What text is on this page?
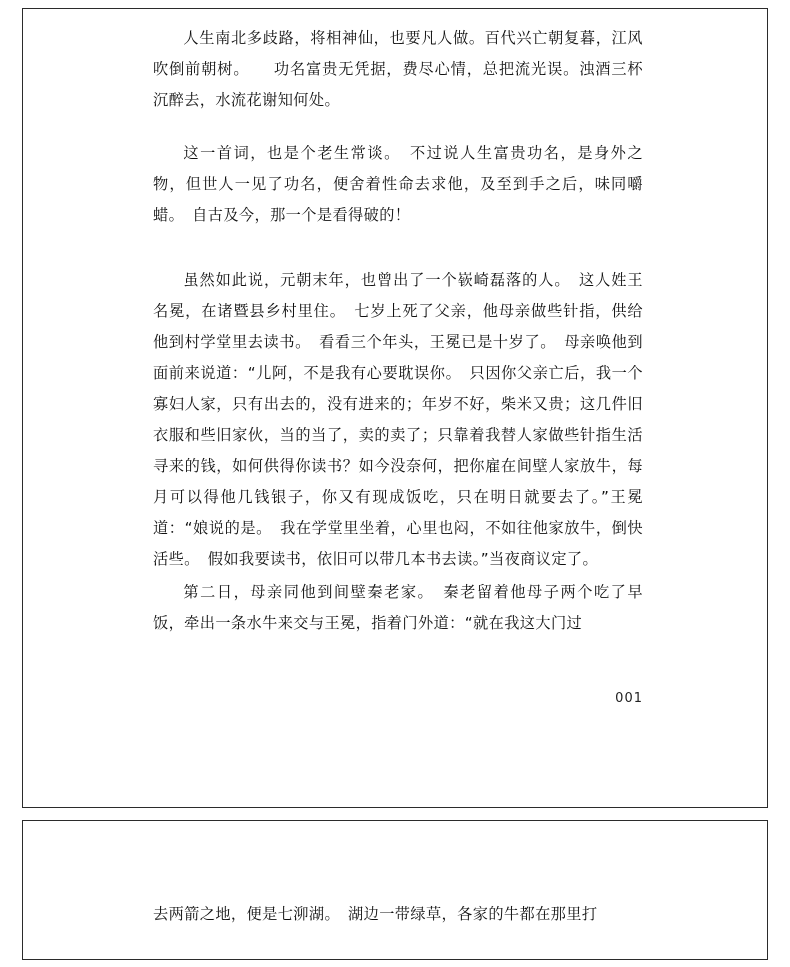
人生南北多歧路，将相神仙，也要凡人做。百代兴亡朝复暮，江风吹倒前朝树。　　功名富贵无凭据，费尽心情，总把流光误。浊酒三杯沉醉去，水流花谢知何处。

这一首词，也是个老生常谈。　不过说人生富贵功名，是身外之物，但世人一见了功名，便舍着性命去求他，及至到手之后，味同嚼蜡。　自古及今，那一个是看得破的！

虽然如此说，元朝末年，也曾出了一个嵚崎磊落的人。　这人姓王名冕，在诸暨县乡村里住。　七岁上死了父亲，他母亲做些针指，供给他到村学堂里去读书。　看看三个年头，王冕已是十岁了。　母亲唤他到面前来说道：“儿阿，不是我有心要耽误你。　只因你父亲亡后，我一个寡妇人家，只有出去的，没有进来的；年岁不好，柴米又贵；这几件旧衣服和些旧家伙，当的当了，卖的卖了；只靠着我替人家做些针指生活寻来的钱，如何供得你读书？如今没奈何，把你雇在间壁人家放牛，每月可以得他几钱银子，你又有现成饭吃，只在明日就要去了。”王冕道：“娘说的是。　我在学堂里坐着，心里也闷，不如往他家放牛，倒快活些。　假如我要读书，依旧可以带几本书去读。”当夜商议定了。

第二日，母亲同他到间壁秦老家。　秦老留着他母子两个吃了早饭，牵出一条水牛来交与王冕，指着门外道：“就在我这大门过

001

去两箭之地，便是七泖湖。　湖边一带绿草，各家的牛都在那里打
